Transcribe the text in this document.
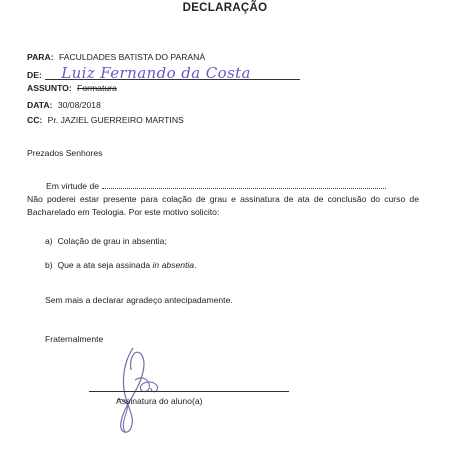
DECLARAÇÃO
PARA: FACULDADES BATISTA DO PARANÁ
DE: Luiz Fernando da Costa
ASSUNTO: Formatura
DATA: 30/08/2018
CC: Pr. JAZIEL GUERREIRO MARTINS
Prezados Senhores
Em virtude de
Não poderei estar presente para colação de grau e assinatura de ata de conclusão do curso de Bacharelado em Teologia. Por este motivo solicito:
a) Colação de grau in absentia;
b) Que a ata seja assinada in absentia.
Sem mais a declarar agradeço antecipadamente.
Fraternalmente
Assinatura do aluno(a)
